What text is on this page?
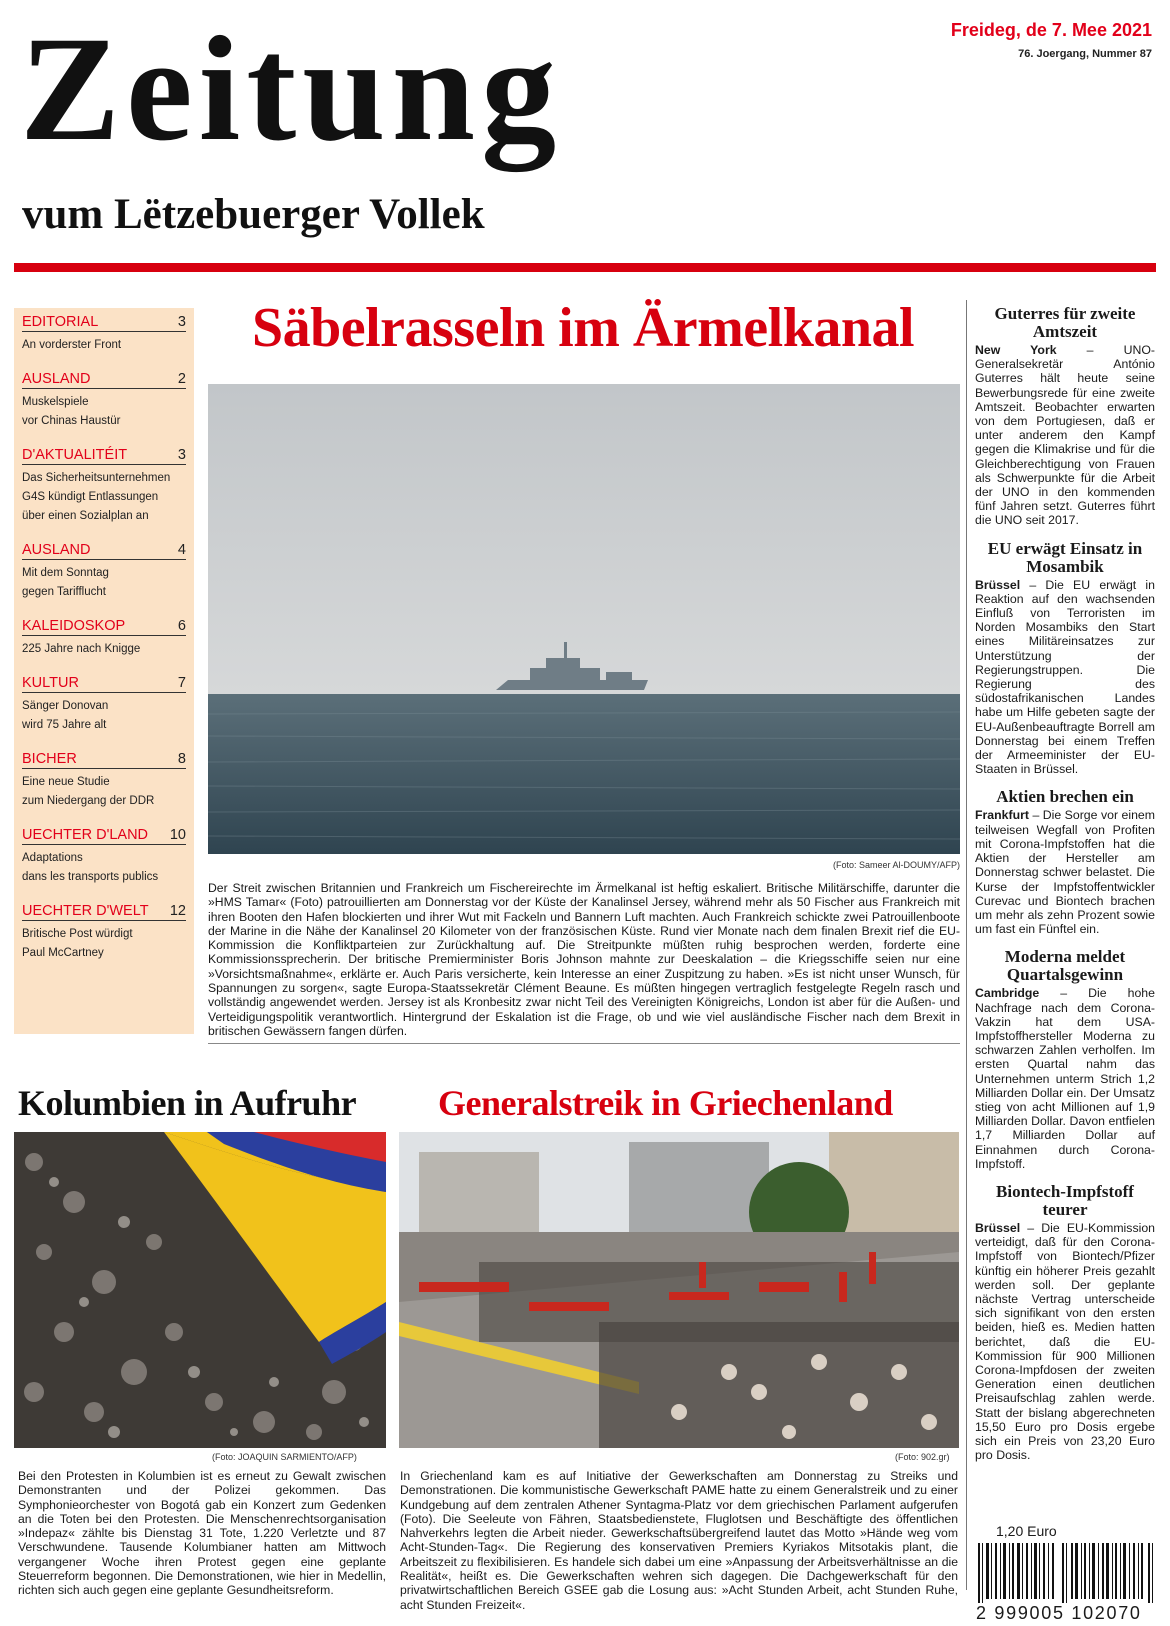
Zeitung
vum Lëtzebuerger Vollek
Freideg, de 7. Mee 2021
76. Joergang, Nummer 87
EDITORIAL	3
An vorderster Front
AUSLAND	2
Muskelspiele
vor Chinas Haustür
D'AKTUALITÉIT	3
Das Sicherheitsunternehmen
G4S kündigt Entlassungen
über einen Sozialplan an
AUSLAND	4
Mit dem Sonntag
gegen Tarifflucht
KALEIDOSKOP	6
225 Jahre nach Knigge
KULTUR	7
Sänger Donovan
wird 75 Jahre alt
BICHER	8
Eine neue Studie
zum Niedergang der DDR
UECHTER D'LAND 10
Adaptations
dans les transports publics
UECHTER D'WELT 12
Britische Post würdigt
Paul McCartney
Säbelrasseln im Ärmelkanal
(Foto: Sameer Al-DOUMY/AFP)

Der Streit zwischen Britannien und Frankreich um Fischereirechte im Ärmelkanal ist heftig eskaliert. Britische Militärschiffe, darunter die »HMS Tamar« (Foto) patrouillierten am Donnerstag vor der Küste der Kanalinsel Jersey, während mehr als 50 Fischer aus Frankreich mit ihren Booten den Hafen blockierten und ihrer Wut mit Fackeln und Bannern Luft machten. Auch Frankreich schickte zwei Patrouillenboote der Marine in die Nähe der Kanalinsel 20 Kilometer von der französischen Küste. Rund vier Monate nach dem finalen Brexit rief die EU-Kommission die Konfliktparteien zur Zurückhaltung auf. Die Streitpunkte müßten ruhig besprochen werden, forderte eine Kommissionssprecherin. Der britische Premierminister Boris Johnson mahnte zur Deeskalation – die Kriegsschiffe seien nur eine »Vorsichtsmaßnahme«, erklärte er. Auch Paris versicherte, kein Interesse an einer Zuspitzung zu haben. »Es ist nicht unser Wunsch, für Spannungen zu sorgen«, sagte Europa-Staatssekretär Clément Beaune. Es müßten hingegen vertraglich festgelegte Regeln rasch und vollständig angewendet werden. Jersey ist als Kronbesitz zwar nicht Teil des Vereinigten Königreichs, London ist aber für die Außen- und Verteidigungspolitik verantwortlich. Hintergrund der Eskalation ist die Frage, ob und wie viel ausländische Fischer nach dem Brexit in britischen Gewässern fangen dürfen.

Kolumbien in Aufruhr
(Foto: JOAQUIN SARMIENTO/AFP)

Bei den Protesten in Kolumbien ist es erneut zu Gewalt zwischen Demonstranten und der Polizei gekommen. Das Symphonieorchester von Bogotá gab ein Konzert zum Gedenken an die Toten bei den Protesten. Die Menschenrechtsorganisation »Indepaz« zählte bis Dienstag 31 Tote, 1.220 Verletzte und 87 Verschwundene. Tausende Kolumbianer hatten am Mittwoch vergangener Woche ihren Protest gegen eine geplante Steuerreform begonnen. Die Demonstrationen, wie hier in Medellin, richten sich auch gegen eine geplante Gesundheitsreform.

Generalstreik in Griechenland
(Foto: 902.gr)

In Griechenland kam es auf Initiative der Gewerkschaften am Donnerstag zu Streiks und Demonstrationen. Die kommunistische Gewerkschaft PAME hatte zu einem Generalstreik und zu einer Kundgebung auf dem zentralen Athener Syntagma-Platz vor dem griechischen Parlament aufgerufen (Foto). Die Seeleute von Fähren, Staatsbedienstete, Fluglotsen und Beschäftigte des öffentlichen Nahverkehrs legten die Arbeit nieder. Gewerkschaftsübergreifend lautet das Motto »Hände weg vom Acht-Stunden-Tag«. Die Regierung des konservativen Premiers Kyriakos Mitsotakis plant, die Arbeitszeit zu flexibilisieren. Es handele sich dabei um eine »Anpassung der Arbeitsverhältnisse an die Realität«, heißt es. Die Gewerkschaften wehren sich dagegen. Die Dachgewerkschaft für den privatwirtschaftlichen Bereich GSEE gab die Losung aus: »Acht Stunden Arbeit, acht Stunden Ruhe, acht Stunden Freizeit«.

Guterres für zweite Amtszeit

New York – UNO-Generalsekretär António Guterres hält heute seine Bewerbungsrede für eine zweite Amtszeit. Beobachter erwarten von dem Portugiesen, daß er unter anderem den Kampf gegen die Klimakrise und für die Gleichberechtigung von Frauen als Schwerpunkte für die Arbeit der UNO in den kommenden fünf Jahren setzt. Guterres führt die UNO seit 2017.

EU erwägt Einsatz in Mosambik

Brüssel – Die EU erwägt in Reaktion auf den wachsenden Einfluß von Terroristen im Norden Mosambiks den Start eines Militäreinsatzes zur Unterstützung der Regierungstruppen. Die Regierung des südostafrikanischen Landes habe um Hilfe gebeten sagte der EU-Außenbeauftragte Borrell am Donnerstag bei einem Treffen der Armeeminister der EU-Staaten in Brüssel.

Aktien brechen ein

Frankfurt – Die Sorge vor einem teilweisen Wegfall von Profiten mit Corona-Impfstoffen hat die Aktien der Hersteller am Donnerstag schwer belastet. Die Kurse der Impfstoffentwickler Curevac und Biontech brachen um mehr als zehn Prozent sowie um fast ein Fünftel ein.

Moderna meldet Quartalsgewinn

Cambridge – Die hohe Nachfrage nach dem Corona-Vakzin hat dem USA-Impfstoffhersteller Moderna zu schwarzen Zahlen verholfen. Im ersten Quartal nahm das Unternehmen unterm Strich 1,2 Milliarden Dollar ein. Der Umsatz stieg von acht Millionen auf 1,9 Milliarden Dollar. Davon entfielen 1,7 Milliarden Dollar auf Einnahmen durch Corona-Impfstoff.

Biontech-Impfstoff teurer

Brüssel – Die EU-Kommission verteidigt, daß für den Corona-Impfstoff von Biontech/Pfizer künftig ein höherer Preis gezahlt werden soll. Der geplante nächste Vertrag unterscheide sich signifikant von den ersten beiden, hieß es. Medien hatten berichtet, daß die EU-Kommission für 900 Millionen Corona-Impfdosen der zweiten Generation einen deutlichen Preisaufschlag zahlen werde. Statt der bislang abgerechneten 15,50 Euro pro Dosis ergebe sich ein Preis von 23,20 Euro pro Dosis.

1,20 Euro
2 999005 102070
